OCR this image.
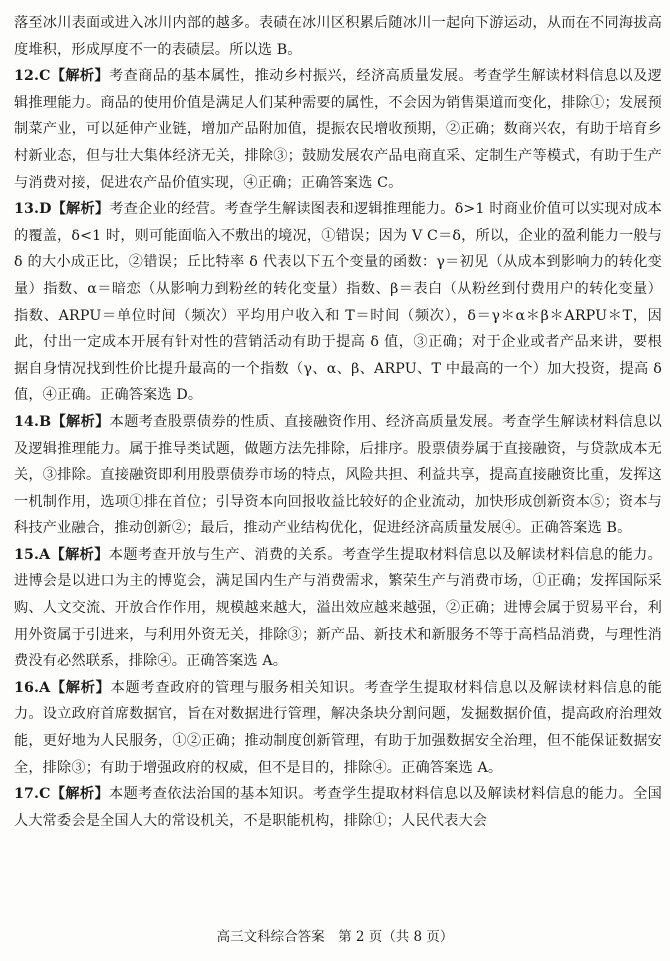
落至冰川表面或进入冰川内部的越多。表碛在冰川区积累后随冰川一起向下游运动，从而在不同海拔高度堆积，形成厚度不一的表碛层。所以选 B。

12.C【解析】考查商品的基本属性，推动乡村振兴，经济高质量发展。考查学生解读材料信息以及逻辑推理能力。商品的使用价值是满足人们某种需要的属性，不会因为销售渠道而变化，排除①；发展预制菜产业，可以延伸产业链，增加产品附加值，提振农民增收预期，②正确；数商兴农，有助于培育乡村新业态，但与壮大集体经济无关，排除③；鼓励发展农产品电商直采、定制生产等模式，有助于生产与消费对接，促进农产品价值实现，④正确；正确答案选 C。

13.D【解析】考查企业的经营。考查学生解读图表和逻辑推理能力。δ>1 时商业价值可以实现对成本的覆盖，δ<1 时，则可能面临入不敷出的境况，①错误；因为 V C＝δ，所以，企业的盈利能力一般与 δ 的大小成正比，②错误；丘比特率 δ 代表以下五个变量的函数：γ＝初见（从成本到影响力的转化变量）指数、α＝暗恋（从影响力到粉丝的转化变量）指数、β＝表白（从粉丝到付费用户的转化变量）指数、ARPU＝单位时间（频次）平均用户收入和 T＝时间（频次），δ＝γ＊α＊β＊ARPU＊T，因此，付出一定成本开展有针对性的营销活动有助于提高 δ 值，③正确；对于企业或者产品来讲，要根据自身情况找到性价比提升最高的一个指数（γ、α、β、ARPU、T 中最高的一个）加大投资，提高 δ 值，④正确。正确答案选 D。

14.B【解析】本题考查股票债券的性质、直接融资作用、经济高质量发展。考查学生解读材料信息以及逻辑推理能力。属于推导类试题，做题方法先排除，后排序。股票债券属于直接融资，与贷款成本无关，③排除。直接融资即利用股票债券市场的特点，风险共担、利益共享，提高直接融资比重，发挥这一机制作用，选项①排在首位；引导资本向回报收益比较好的企业流动，加快形成创新资本⑤；资本与科技产业融合，推动创新②；最后，推动产业结构优化，促进经济高质量发展④。正确答案选 B。

15.A【解析】本题考查开放与生产、消费的关系。考查学生提取材料信息以及解读材料信息的能力。进博会是以进口为主的博览会，满足国内生产与消费需求，繁荣生产与消费市场，①正确；发挥国际采购、人文交流、开放合作作用，规模越来越大，溢出效应越来越强，②正确；进博会属于贸易平台，利用外资属于引进来，与利用外资无关，排除③；新产品、新技术和新服务不等于高档品消费，与理性消费没有必然联系，排除④。正确答案选 A。

16.A【解析】本题考查政府的管理与服务相关知识。考查学生提取材料信息以及解读材料信息的能力。设立政府首席数据官，旨在对数据进行管理，解决条块分割问题，发掘数据价值，提高政府治理效能，更好地为人民服务，①②正确；推动制度创新管理，有助于加强数据安全治理，但不能保证数据安全，排除③；有助于增强政府的权威，但不是目的，排除④。正确答案选 A。

17.C【解析】本题考查依法治国的基本知识。考查学生提取材料信息以及解读材料信息的能力。全国人大常委会是全国人大的常设机关，不是职能机构，排除①；人民代表大会

高三文科综合答案　第 2 页（共 8 页）
